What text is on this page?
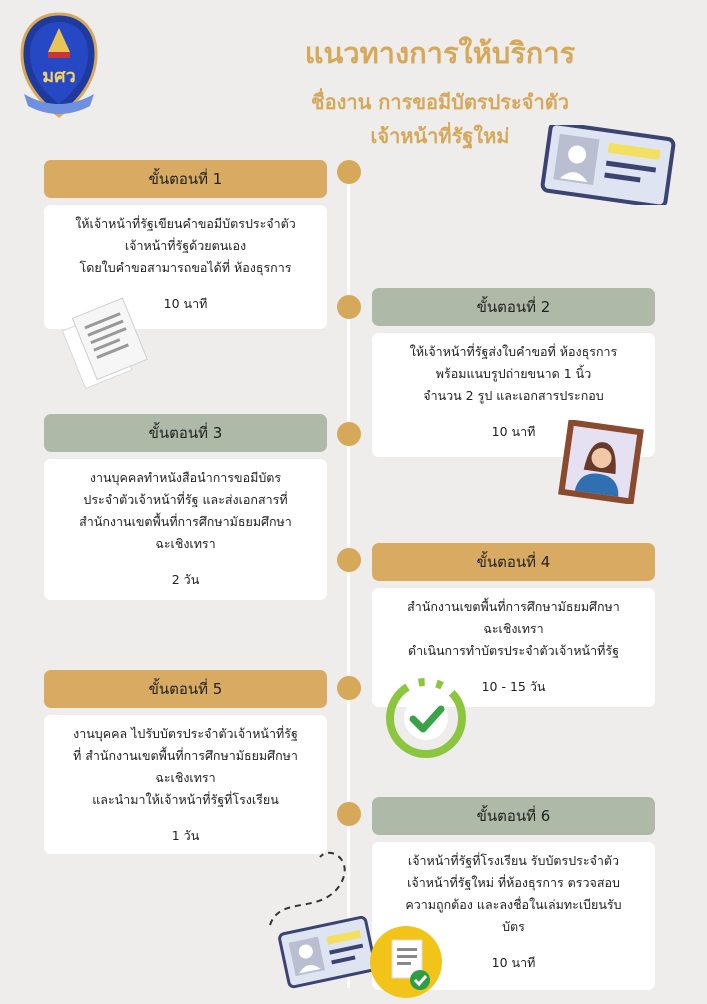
มศว
แนวทางการให้บริการ
ชื่องาน การขอมีบัตรประจำตัว
เจ้าหน้าที่รัฐใหม่
ขั้นตอนที่ 1
ให้เจ้าหน้าที่รัฐเขียนคำขอมีบัตรประจำตัว
เจ้าหน้าที่รัฐด้วยตนเอง
โดยใบคำขอสามารถขอได้ที่ ห้องธุรการ
10 นาที	ขั้นตอนที่ 2
ให้เจ้าหน้าที่รัฐส่งใบคำขอที่ ห้องธุรการ
พร้อมแนบรูปถ่ายขนาด 1 นิ้ว
จำนวน 2 รูป และเอกสารประกอบ
10 นาที
ขั้นตอนที่ 3
งานบุคคลทำหนังสือนำการขอมีบัตร
ประจำตัวเจ้าหน้าที่รัฐ และส่งเอกสารที่
สำนักงานเขตพื้นที่การศึกษามัธยมศึกษา
ฉะเชิงเทรา
2 วัน
ขั้นตอนที่ 4
สำนักงานเขตพื้นที่การศึกษามัธยมศึกษา
ฉะเชิงเทรา
ดำเนินการทำบัตรประจำตัวเจ้าหน้าที่รัฐ
10 - 15 วัน
ขั้นตอนที่ 5
งานบุคคล ไปรับบัตรประจำตัวเจ้าหน้าที่รัฐ
ที่ สำนักงานเขตพื้นที่การศึกษามัธยมศึกษา
ฉะเชิงเทรา
และนำมาให้เจ้าหน้าที่รัฐที่โรงเรียน
1 วัน
ขั้นตอนที่ 6
เจ้าหน้าที่รัฐที่โรงเรียน รับบัตรประจำตัว
เจ้าหน้าที่รัฐใหม่ ที่ห้องธุรการ ตรวจสอบ
ความถูกต้อง และลงชื่อในเล่มทะเบียนรับ
บัตร
10 นาที
